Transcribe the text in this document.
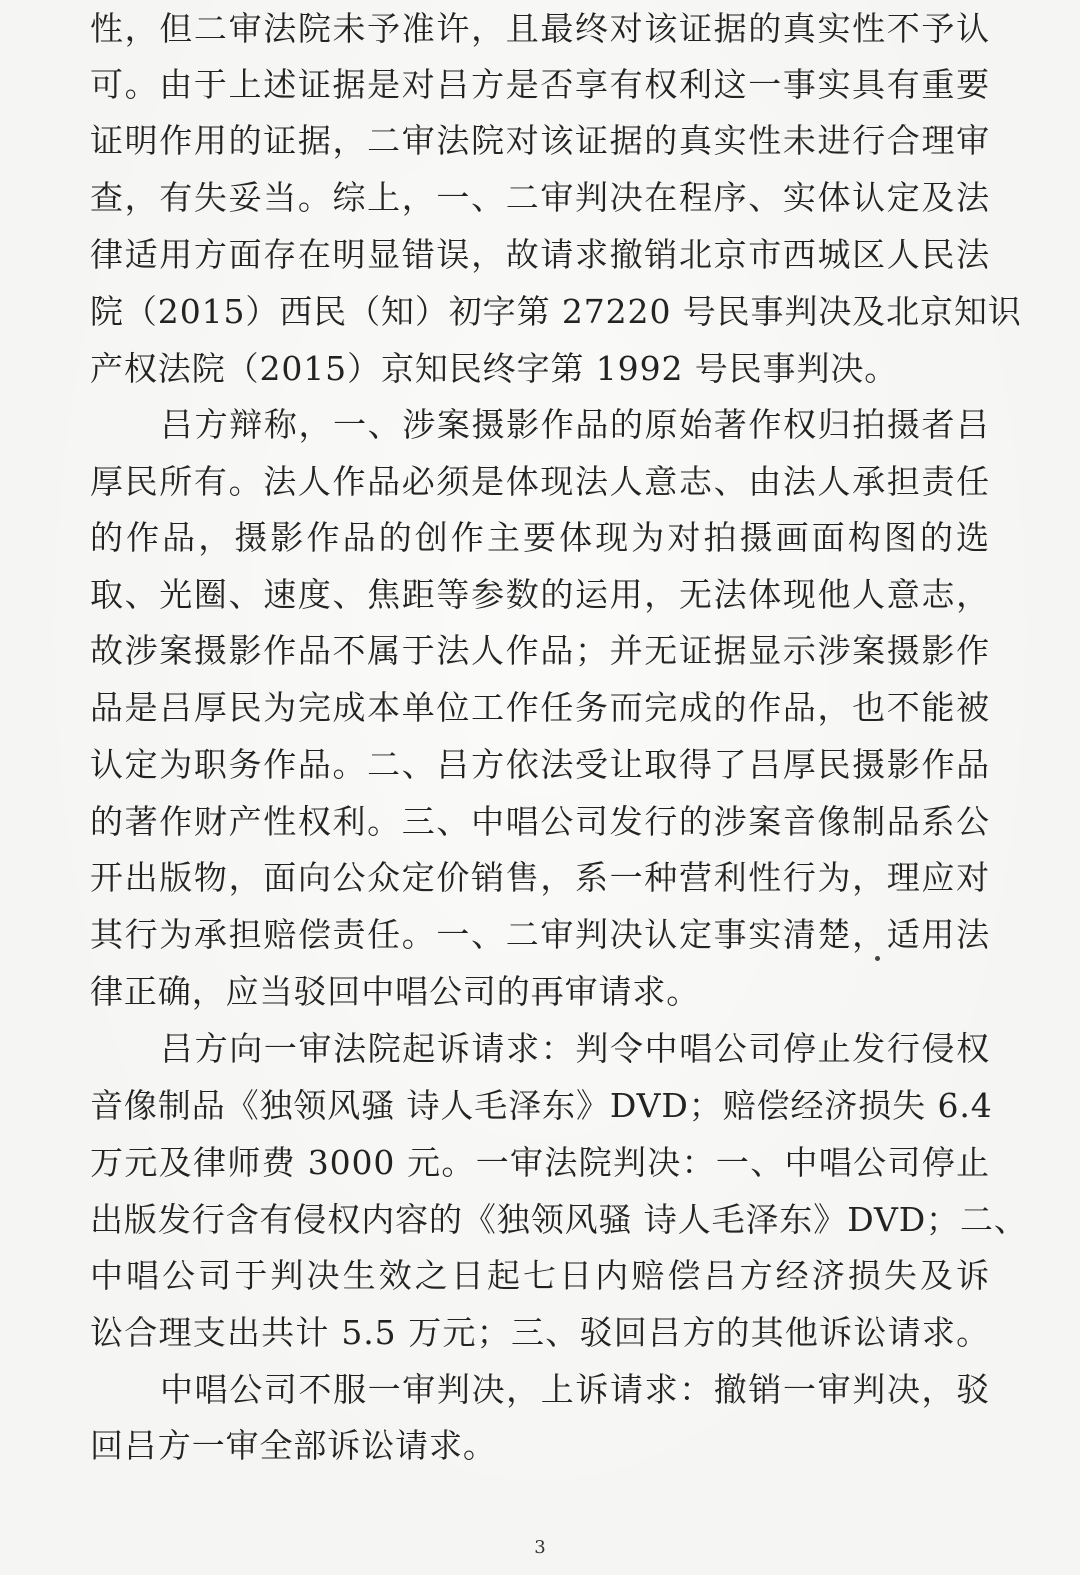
性，但二审法院未予准许，且最终对该证据的真实性不予认
可。由于上述证据是对吕方是否享有权利这一事实具有重要
证明作用的证据，二审法院对该证据的真实性未进行合理审
查，有失妥当。综上，一、二审判决在程序、实体认定及法
律适用方面存在明显错误，故请求撤销北京市西城区人民法
院（2015）西民（知）初字第 27220 号民事判决及北京知识
产权法院（2015）京知民终字第 1992 号民事判决。
吕方辩称，一、涉案摄影作品的原始著作权归拍摄者吕
厚民所有。法人作品必须是体现法人意志、由法人承担责任
的作品，摄影作品的创作主要体现为对拍摄画面构图的选
取、光圈、速度、焦距等参数的运用，无法体现他人意志，
故涉案摄影作品不属于法人作品；并无证据显示涉案摄影作
品是吕厚民为完成本单位工作任务而完成的作品，也不能被
认定为职务作品。二、吕方依法受让取得了吕厚民摄影作品
的著作财产性权利。三、中唱公司发行的涉案音像制品系公
开出版物，面向公众定价销售，系一种营利性行为，理应对
其行为承担赔偿责任。一、二审判决认定事实清楚，适用法
律正确，应当驳回中唱公司的再审请求。
吕方向一审法院起诉请求：判令中唱公司停止发行侵权
音像制品《独领风骚 诗人毛泽东》DVD；赔偿经济损失 6.4
万元及律师费 3000 元。一审法院判决：一、中唱公司停止
出版发行含有侵权内容的《独领风骚 诗人毛泽东》DVD；二、
中唱公司于判决生效之日起七日内赔偿吕方经济损失及诉
讼合理支出共计 5.5 万元；三、驳回吕方的其他诉讼请求。
中唱公司不服一审判决，上诉请求：撤销一审判决，驳
回吕方一审全部诉讼请求。
3
